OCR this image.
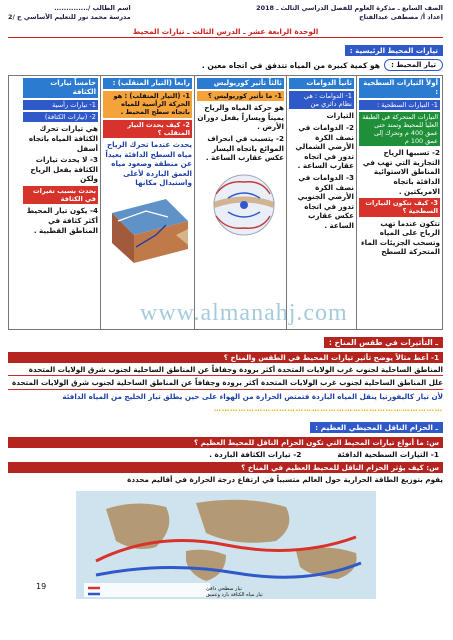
الصف السابع ـ مذكرة العلوم للفصل الدراسي الثالث ـ 2018
إعداد أ/ مصطفى عبدالفتاح
اسم الطالب /..............
مدرسة محمد نور للتعليم الأساسي ح /2
الوحدة الرابعة عشر ـ الدرس الثالث ـ تيارات المحيط
تيارات المحيط الرئيسية :
تيار المحيط :
هو كمية كبيرة من المياه تتدفق في اتجاه معين .
أولاً التيارات السطحية :
1- التيارات السطحية :
التيارات المتحركة في الطبقة العليا للمحيط وتمتد حتى عمق 400 م وتحرك إلى عمق 100 م
2- تسببها الرياح التجارية التي تهب في المناطق الاستوائية الدافئة باتجاه الامريكتين .
3- كيف تتكون التيارات السطحية ؟
تتكون عندما تهب الرياح على المياه وتسحب الجزيئات الماء المتحركة للسطح
ثانياً الدوامات
1- الدوامات : هي نظام دائري من
التيارات
2- الدوامات في نصف الكرة الأرضي الشمالي تدور في اتجاه عقارب الساعة .
3- الدوامات في نصف الكرة الأرضي الجنوبي تدور في اتجاه عكس عقارب الساعة .
ثالثاً تأثير كوريوليس
1- ما تأثير كوريوليس ؟
هو حركة المياه والرياح يميناً ويساراً بفعل دوران الأرض .
2- يتسبب في انحراف الموائع باتجاه اليسار عكس عقارب الساعة .
رابعاً (التيار المتقلب) :
1- (التيار المتقلب) : هو الحركة الرأسية للمياه باتجاه سطح المحيط .
2- كيف يحدث التيار المتقلب ؟
يحدث عندما تحرك الرياح مياه السطح الدافئة بعيداً عن منطقة وصعود مياه العمق الباردة لأعلى واستبدال مكانها
خامساً تيارات الكثافة
1- تيارات رأسية
2- (تيارات الكثافة)
هي تيارات تحرك الكثافة المياه باتجاه أسفل
3- لا يحدث تيارات الكثافة بفعل الرياح ولكن
بحدث بسبب تغيرات في الكثافة
4- يكون تيار المحيط أكثر كثافة في المناطق القطبية .
ـ التأثيرات في طقس المناخ :
1- أعط مثالاً يوضح تأثير تيارات المحيط في الطقس والمناخ ؟
المناطق الساحلية لجنوب غرب الولايات المتحدة أكثر برودة وجفافاً عن المناطق الساحلية لجنوب شرق الولايات المتحدة
علل المناطق الساحلية لجنوب غرب الولايات المتحدة أكثر برودة وجفافاً عن المناطق الساحلية لجنوب شرق الولايات المتحدة
لأن تيار كاليفورنيا ينقل المياه الباردة فتمتص الحرارة من الهواء على حين يطلق تيار الخليج من المياه الدافئة
…………………………………………………………………………
ـ الحزام الناقل المحيطي العظيم :
س: ما أنواع تيارات المحيط التي تكون الحزام الناقل للمحيط العظيم ؟
1- التيارات السطحية الدافئة
2- تيارات الكثافة الباردة .
س: كيف يؤثر الحزام الناقل للمحيط العظيم في المناخ ؟
يقوم بتوزيع الطاقة الحرارية حول العالم متسبباً في ارتفاع درجة الحرارة في أقاليم محددة
تيار سطحي دافئ
تيار مياه الكثافة بارد وعميق
19
www.almanahj.com
